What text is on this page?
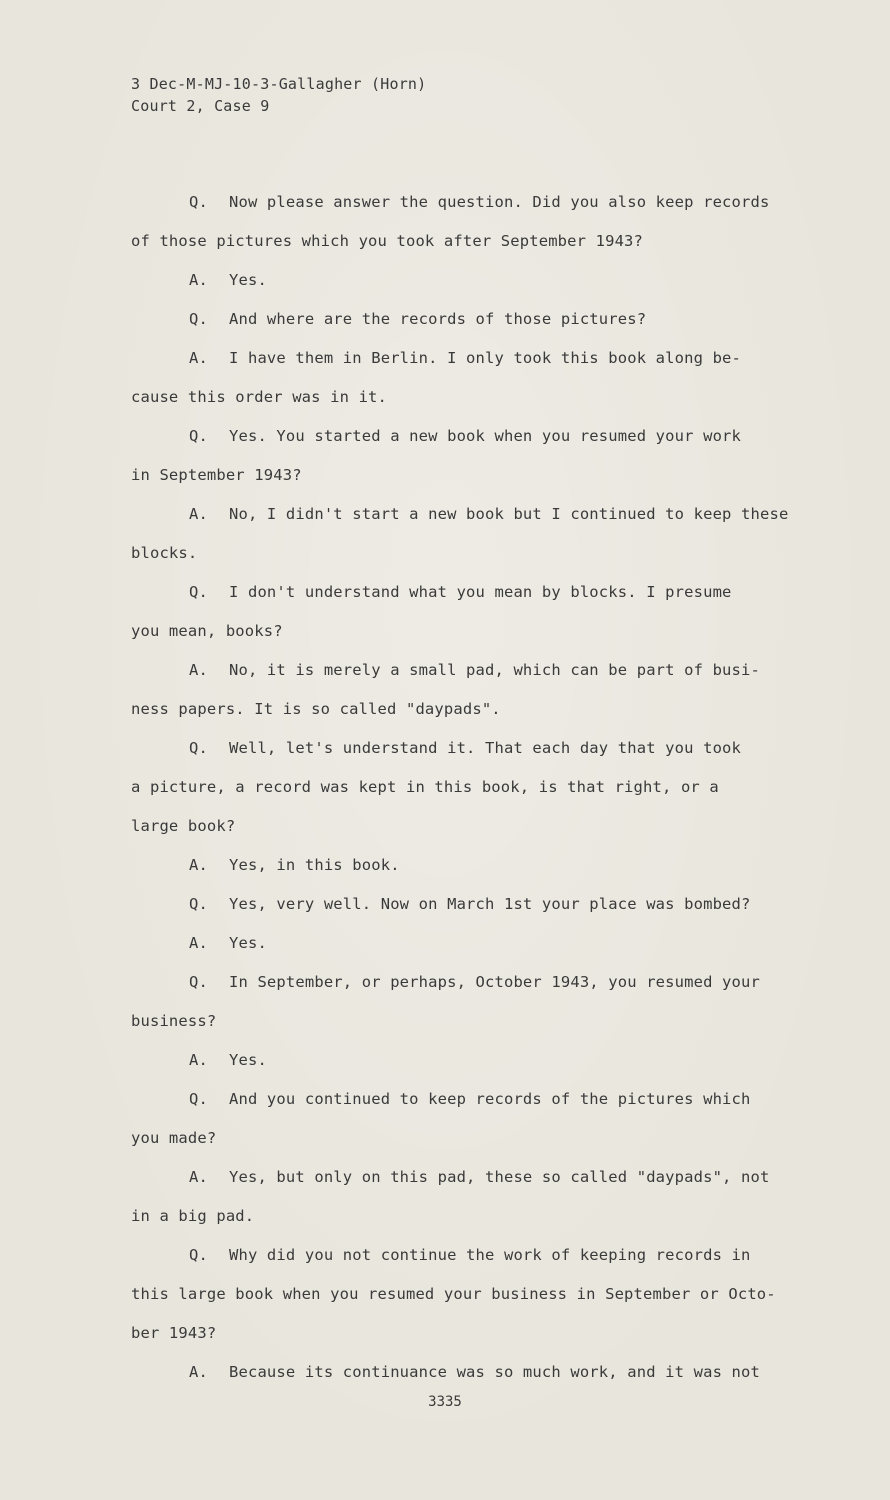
3 Dec-M-MJ-10-3-Gallagher (Horn)
Court 2, Case 9
Q. Now please answer the question. Did you also keep records
of those pictures which you took after September 1943?
A. Yes.
Q. And where are the records of those pictures?
A. I have them in Berlin. I only took this book along be-
cause this order was in it.
Q. Yes. You started a new book when you resumed your work
in September 1943?
A. No, I didn't start a new book but I continued to keep these
blocks.
Q. I don't understand what you mean by blocks. I presume
you mean, books?
A. No, it is merely a small pad, which can be part of busi-
ness papers. It is so called "daypads".
Q. Well, let's understand it. That each day that you took
a picture, a record was kept in this book, is that right, or a
large book?
A. Yes, in this book.
Q. Yes, very well. Now on March 1st your place was bombed?
A. Yes.
Q. In September, or perhaps, October 1943, you resumed your
business?
A. Yes.
Q. And you continued to keep records of the pictures which
you made?
A. Yes, but only on this pad, these so called "daypads", not
in a big pad.
Q. Why did you not continue the work of keeping records in
this large book when you resumed your business in September or Octo-
ber 1943?
A. Because its continuance was so much work, and it was not
3335
